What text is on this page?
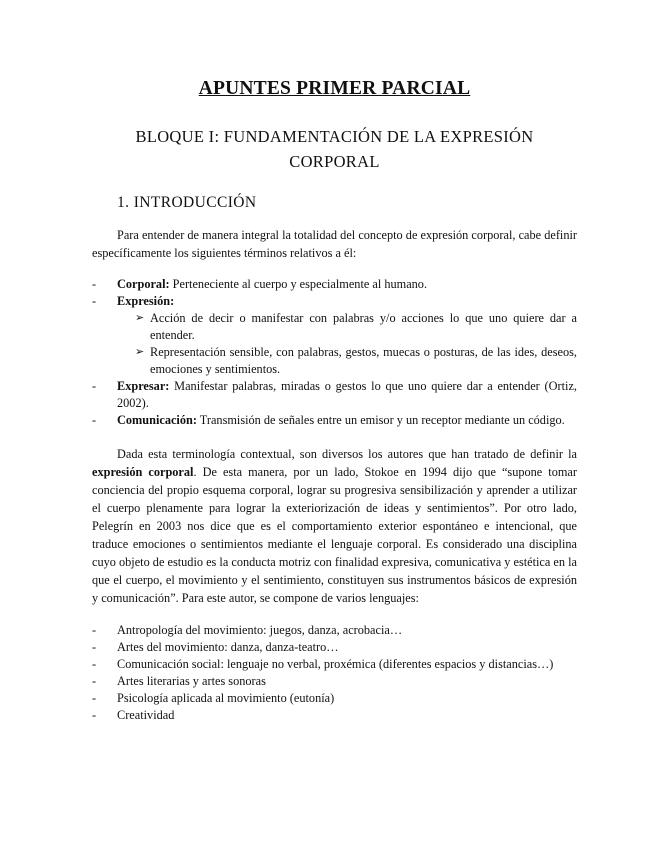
APUNTES PRIMER PARCIAL
BLOQUE I: FUNDAMENTACIÓN DE LA EXPRESIÓN CORPORAL
1. INTRODUCCIÓN

Para entender de manera integral la totalidad del concepto de expresión corporal, cabe definir específicamente los siguientes términos relativos a él:

- Corporal: Perteneciente al cuerpo y especialmente al humano.
- Expresión:
➢ Acción de decir o manifestar con palabras y/o acciones lo que uno quiere dar a entender.
➢ Representación sensible, con palabras, gestos, muecas o posturas, de las ides, deseos, emociones y sentimientos.
- Expresar: Manifestar palabras, miradas o gestos lo que uno quiere dar a entender (Ortiz, 2002).
- Comunicación: Transmisión de señales entre un emisor y un receptor mediante un código.

Dada esta terminología contextual, son diversos los autores que han tratado de definir la expresión corporal. De esta manera, por un lado, Stokoe en 1994 dijo que “supone tomar conciencia del propio esquema corporal, lograr su progresiva sensibilización y aprender a utilizar el cuerpo plenamente para lograr la exteriorización de ideas y sentimientos”. Por otro lado, Pelegrín en 2003 nos dice que es el comportamiento exterior espontáneo e intencional, que traduce emociones o sentimientos mediante el lenguaje corporal. Es considerado una disciplina cuyo objeto de estudio es la conducta motriz con finalidad expresiva, comunicativa y estética en la que el cuerpo, el movimiento y el sentimiento, constituyen sus instrumentos básicos de expresión y comunicación”. Para este autor, se compone de varios lenguajes:

- Antropología del movimiento: juegos, danza, acrobacia…
- Artes del movimiento: danza, danza-teatro…
- Comunicación social: lenguaje no verbal, proxémica (diferentes espacios y distancias…)
- Artes literarias y artes sonoras
- Psicología aplicada al movimiento (eutonía)
- Creatividad
